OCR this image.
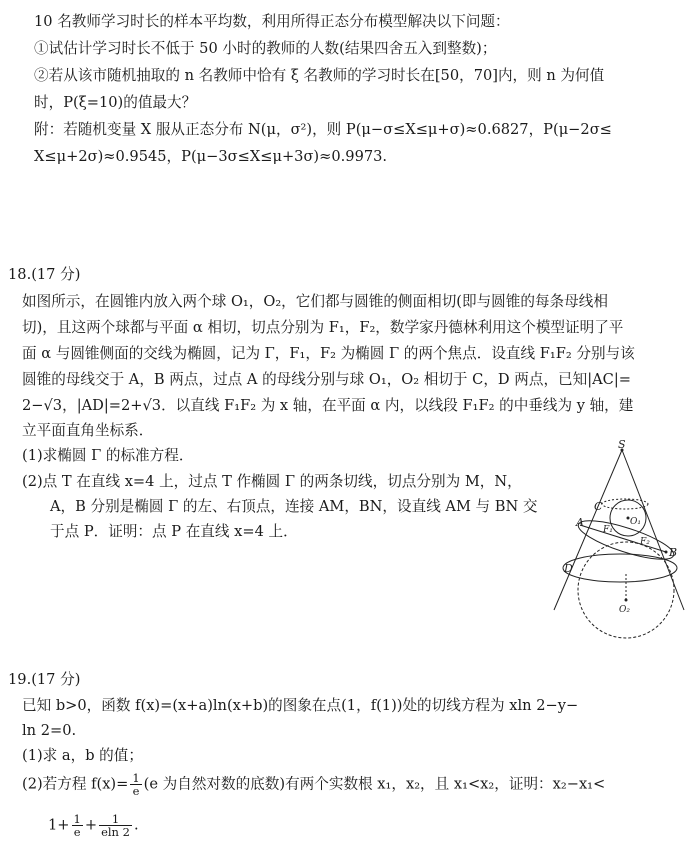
10 名教师学习时长的样本平均数，利用所得正态分布模型解决以下问题：
①试估计学习时长不低于 50 小时的教师的人数(结果四舍五入到整数)；
②若从该市随机抽取的 n 名教师中恰有 ξ 名教师的学习时长在[50，70]内，则 n 为何值
时，P(ξ=10)的值最大？
附：若随机变量 X 服从正态分布 N(μ，σ²)，则 P(μ−σ≤X≤μ+σ)≈0.6827，P(μ−2σ≤
X≤μ+2σ)≈0.9545，P(μ−3σ≤X≤μ+3σ)≈0.9973.
18.(17 分)
如图所示，在圆锥内放入两个球 O₁，O₂，它们都与圆锥的侧面相切(即与圆锥的每条母线相
切)，且这两个球都与平面 α 相切，切点分别为 F₁，F₂，数学家丹德林利用这个模型证明了平
面 α 与圆锥侧面的交线为椭圆，记为 Γ，F₁，F₂ 为椭圆 Γ 的两个焦点．设直线 F₁F₂ 分别与该
圆锥的母线交于 A，B 两点，过点 A 的母线分别与球 O₁，O₂ 相切于 C，D 两点，已知|AC|=
2−√3，|AD|=2+√3．以直线 F₁F₂ 为 x 轴，在平面 α 内，以线段 F₁F₂ 的中垂线为 y 轴，建
立平面直角坐标系．
(1)求椭圆 Γ 的标准方程．
(2)点 T 在直线 x=4 上，过点 T 作椭圆 Γ 的两条切线，切点分别为 M，N，
A，B 分别是椭圆 Γ 的左、右顶点，连接 AM，BN，设直线 AM 与 BN 交
于点 P．证明：点 P 在直线 x=4 上．
S
C
O₁
A
F₁
F₂
B
D
O₂
19.(17 分)
已知 b>0，函数 f(x)=(x+a)ln(x+b)的图象在点(1，f(1))处的切线方程为 xln 2−y−
ln 2=0.
(1)求 a，b 的值；
(2)若方程 $f(x)= \frac{1}{e} (e$ 为自然对数的底数)有两个实数根 x₁，x₂，且 x₁<x₂，证明：x₂−x₁<
$1+ \frac{1}{e} + \frac{1}{eln 2}$ .
